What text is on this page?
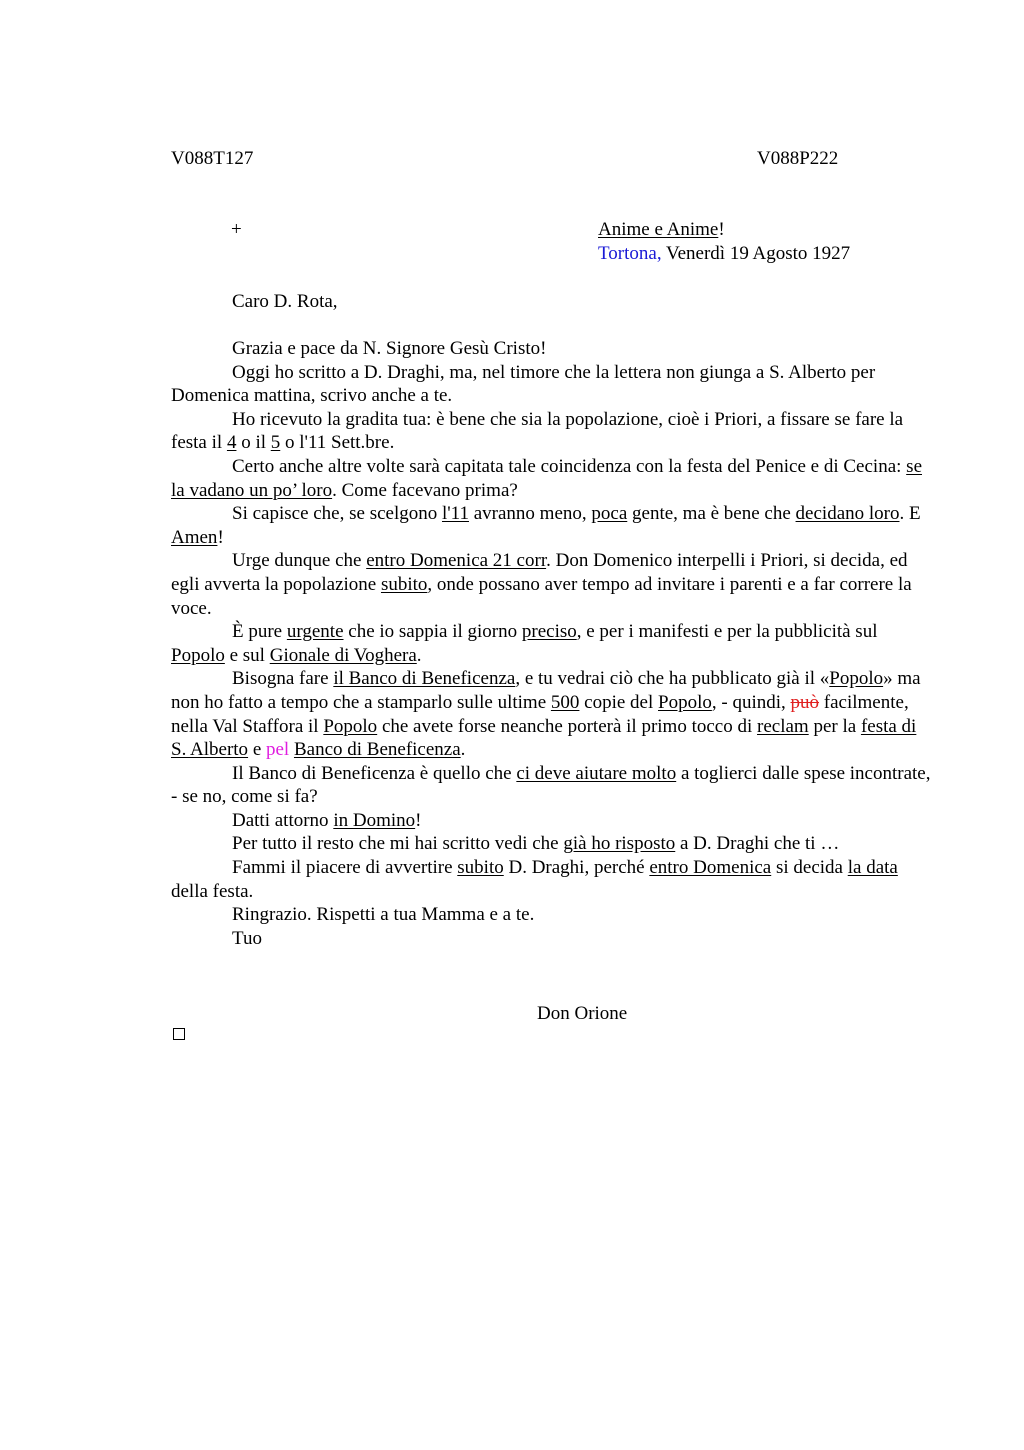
V088T127	V088P222
+	Anime e Anime!
Tortona, Venerdì 19 Agosto 1927
Caro D. Rota,

Grazia e pace da N. Signore Gesù Cristo!

Oggi ho scritto a D. Draghi, ma, nel timore che la lettera non giunga a S. Alberto per Domenica mattina, scrivo anche a te.

Ho ricevuto la gradita tua: è bene che sia la popolazione, cioè i Priori, a fissare se fare la festa il 4 o il 5 o l'11 Sett.bre.

Certo anche altre volte sarà capitata tale coincidenza con la festa del Penice e di Cecina: se la vadano un po’ loro. Come facevano prima?

Si capisce che, se scelgono l'11 avranno meno, poca gente, ma è bene che decidano loro. E Amen!

Urge dunque che entro Domenica 21 corr. Don Domenico interpelli i Priori, si decida, ed egli avverta la popolazione subito, onde possano aver tempo ad invitare i parenti e a far correre la voce.

È pure urgente che io sappia il giorno preciso, e per i manifesti e per la pubblicità sul Popolo e sul Gionale di Voghera.

Bisogna fare il Banco di Beneficenza, e tu vedrai ciò che ha pubblicato già il «Popolo» ma non ho fatto a tempo che a stamparlo sulle ultime 500 copie del Popolo, - quindi, può facilmente, nella Val Staffora il Popolo che avete forse neanche porterà il primo tocco di reclam per la festa di S. Alberto e pel Banco di Beneficenza.

Il Banco di Beneficenza è quello che ci deve aiutare molto a toglierci dalle spese incontrate, - se no, come si fa?

Datti attorno in Domino!

Per tutto il resto che mi hai scritto vedi che già ho risposto a D. Draghi che ti …

Fammi il piacere di avvertire subito D. Draghi, perché entro Domenica si decida la data della festa.

Ringrazio. Rispetti a tua Mamma e a te.

Tuo

Don Orione
